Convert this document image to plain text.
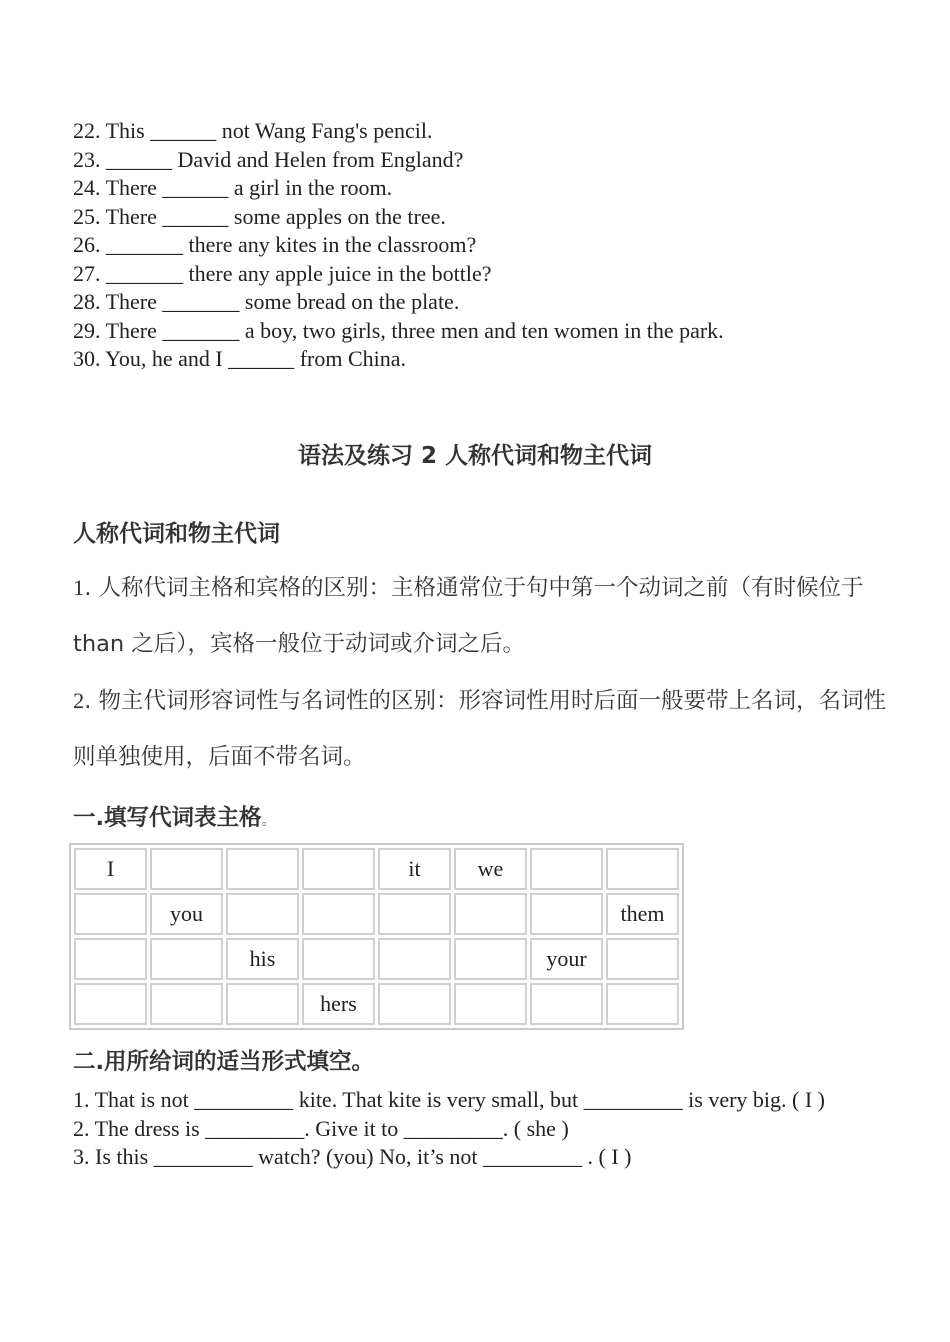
22. This ______ not Wang Fang's pencil.
23. ______ David and Helen from England?
24. There ______ a girl in the room.
25. There ______ some apples on the tree.
26. _______ there any kites in the classroom?
27. _______ there any apple juice in the bottle?
28. There _______ some bread on the plate.
29. There _______ a boy, two girls, three men and ten women in the park.
30. You, he and I ______ from China.
语法及练习 2 人称代词和物主代词
人称代词和物主代词
1. 人称代词主格和宾格的区别：主格通常位于句中第一个动词之前（有时候位于 than 之后），宾格一般位于动词或介词之后。
2. 物主代词形容词性与名词性的区别：形容词性用时后面一般要带上名词，名词性则单独使用，后面不带名词。
一.填写代词表主格。
I				it	we		
	you						them
		his				your	
			hers				
二.用所给词的适当形式填空。
1. That is not _________ kite. That kite is very small, but _________ is very big. ( I )
2. The dress is _________. Give it to _________. ( she )
3. Is this _________ watch? (you) No, it’s not _________ . ( I )
